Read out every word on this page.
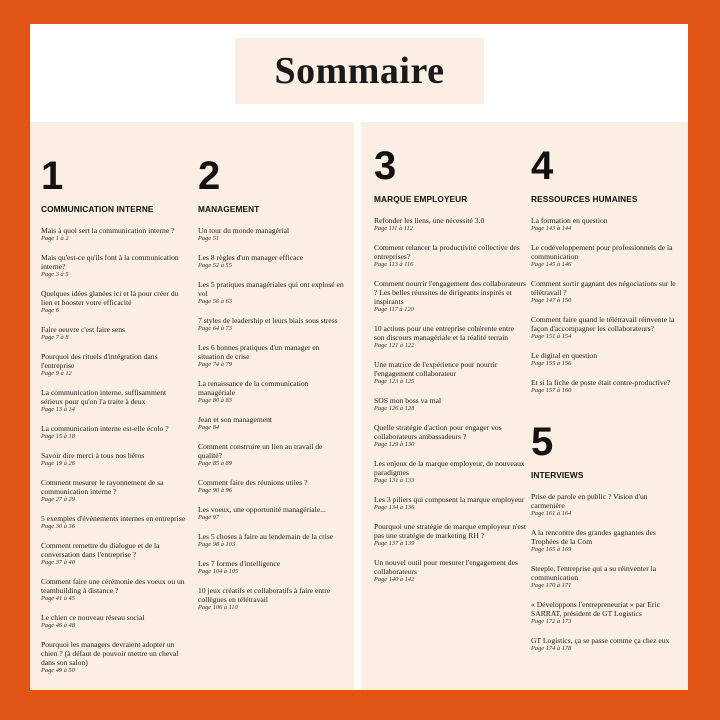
Sommaire
1
COMMUNICATION INTERNE
Mais à quoi sert la communication interne ?
Page 1 à 2
Mais qu'est-ce qu'ils font à la communication interne?
Page 3 à 5
Quelques idées glanées ici et là pour créer du lien et booster votre efficacité
Page 6
Faire oeuvre c'est faire sens
Page 7 à 8
Pourquoi des rituels d'intégration dans l'entreprise
Page 9 à 12
La communication interne, suffisamment sérieux pour qu'on l'a traite à deux
Page 13 à 14
La communication interne est-elle écolo ?
Page 15 à 18
Savoir dire merci à tous nos héros
Page 19 à 26
Comment mesurer le rayonnement de sa communication interne ?
Page 27 à 29
5 exemples d'évènements internes en entreprise
Page 30 à 36
Comment remettre du dialogue et de la conversation dans l'entreprise ?
Page 37 à 40
Comment faire une cérémonie des voeux ou un teambuilding à distance ?
Page 41 à 45
Le chien ce nouveau réseau social
Page 46 à 48
Pourquoi les managers devraient adopter un chien ? (à défaut de pouvoir mettre un cheval dans son salon)
Page 49 à 50
2
MANAGEMENT
Un tour du monde managérial
Page 51
Les 8 règles d'un manager efficace
Page 52 à 55
Les 5 pratiques managériales qui ont explosé en vol
Page 56 à 63
7 styles de leadership et leurs biais sous stress
Page 64 à 73
Les 6 bonnes pratiques d'un manager en situation de crise
Page 74 à 79
La renaissance de la communication managériale
Page 80 à 83
Jean et son management
Page 84
Comment construire un lien au travail de qualité?
Page 85 à 89
Comment faire des réunions utiles ?
Page 90 à 96
Les voeux, une opportunité managériale...
Page 97
Les 5 choses à faire au lendemain de la crise
Page 98 à 103
Les 7 formes d'intelligence
Page 104 à 105
10 jeux créatifs et collaboratifs à faire entre collègues en télétravail
Page 106 à 110
3
MARQUE EMPLOYEUR
Refonder les liens, une nécessité 3.0
Page 111 à 112
Comment relancer la productivité collective des entreprises?
Page 113 à 116
Comment nourrir l'engagement des collaborateurs ? Les belles réussites de dirigeants inspirés et inspirants
Page 117 à 120
10 actions pour une entreprise cohérente entre son discours managériale et la réalité terrain
Page 121 à 122
Une matrice de l'expérience pour nourrir l'engagement collaborateur
Page 123 à 125
SOS mon boss va mal
Page 126 à 128
Quelle stratégie d'action pour engager vos collaborateurs ambassadeurs ?
Page 129 à 130
Les enjeux de la marque employeur, de nouveaux paradigmes
Page 131 à 133
Les 3 piliers qui composent la marque employeur
Page 134 à 136
Pourquoi une stratégie de marque employeur n'est pas une stratégie de marketing RH ?
Page 137 à 139
Un nouvel outil pour mesurer l'engagement des collaborateurs
Page 140 à 142
4
RESSOURCES HUMAINES
La formation en question
Page 143 à 144
Le codéveloppement pour professionnels de la communication
Page 145 à 146
Comment sortir gagnant des négociations sur le télétravail ?
Page 147 à 150
Comment faire quand le télétravail réinvente la façon d'accompagner les collaborateurs?
Page 151 à 154
Le digital en question
Page 155 à 156
Et si la fiche de poste était contre-productive?
Page 157 à 160
5
INTERVIEWS
Prise de parole en public ? Vision d'un carmenière
Page 161 à 164
A la rencontre des grandes gagnantes des Trophées de la Com
Page 165 à 169
Steeple, l'entreprise qui a su réinventer la communication
Page 170 à 171
« Développons l'entrepreneuriat » par Eric SARRAT, président de GT Logistics
Page 172 à 173
GT Logistics, ça se passe comme ça chez eux
Page 174 à 178
